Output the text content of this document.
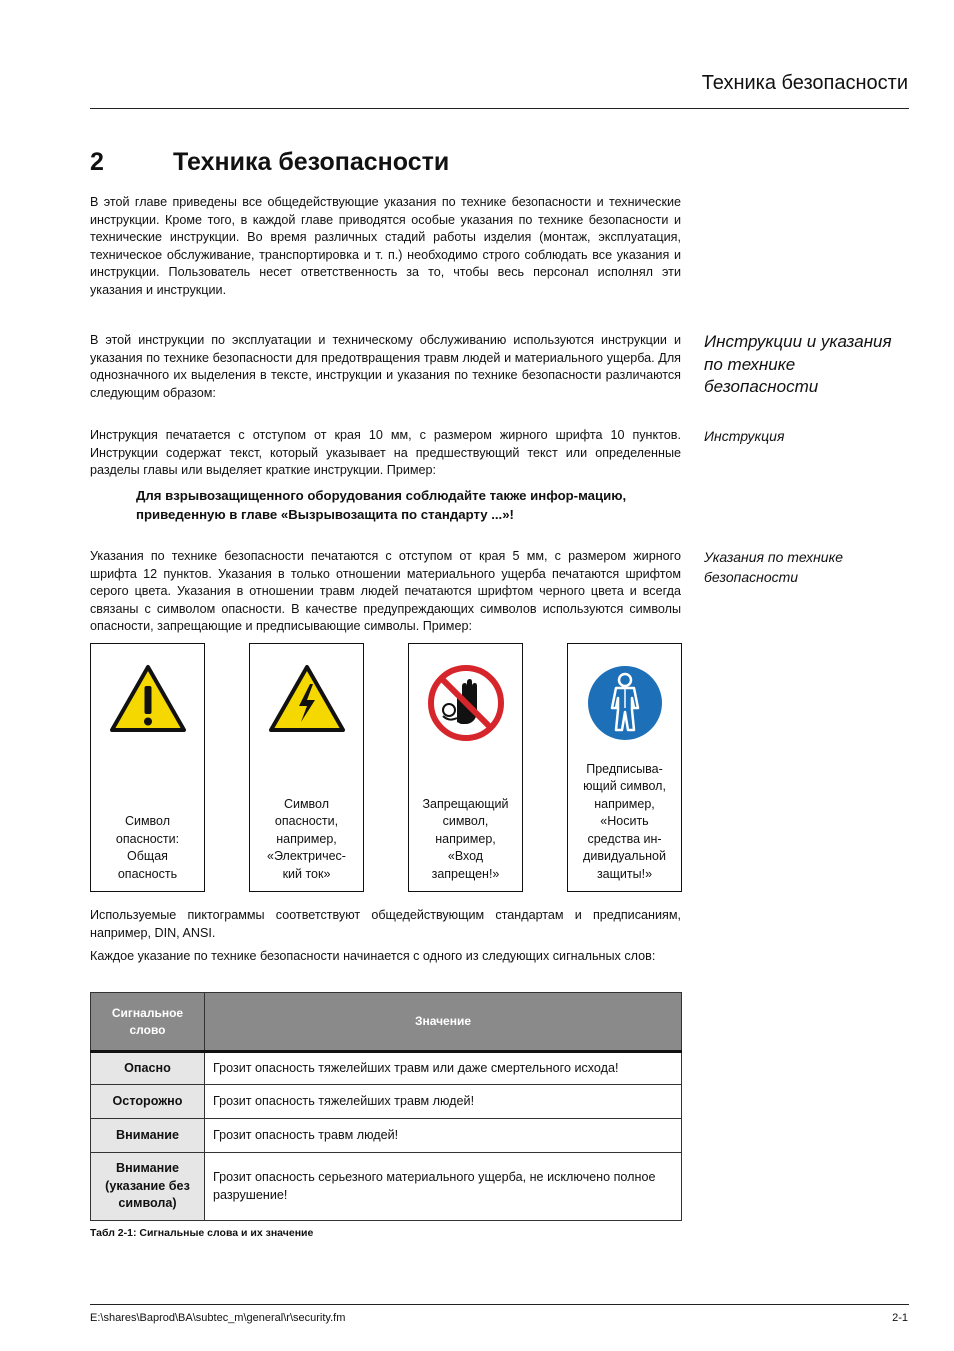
Техника безопасности
2	Техника безопасности
В этой главе приведены все общедействующие указания по технике безопасности и технические инструкции. Кроме того, в каждой главе приводятся особые указания по технике безопасности и технические инструкции. Во время различных стадий работы изделия (монтаж, эксплуатация, техническое обслуживание, транспортировка и т. п.) необходимо строго соблюдать все указания и инструкции. Пользователь несет ответственность за то, чтобы весь персонал исполнял эти указания и инструкции.
В этой инструкции по эксплуатации и техническому обслуживанию используются инструкции и указания по технике безопасности для предотвращения травм людей и материального ущерба. Для однозначного их выделения в тексте, инструкции и указания по технике безопасности различаются следующим образом:
Инструкции и указания по технике безопасности
Инструкция печатается с отступом от края 10 мм, с размером жирного шрифта 10 пунктов. Инструкции содержат текст, который указывает на предшествующий текст или определенные разделы главы или выделяет краткие инструкции. Пример:
Инструкция
Для взрывозащищенного оборудования соблюдайте также инфор-мацию, приведенную в главе «Вызрывозащита по стандарту ...»!
Указания по технике безопасности печатаются с отступом от края 5 мм, с размером жирного шрифта 12 пунктов. Указания в только отношении материального ущерба печатаются шрифтом серого цвета. Указания в отношении травм людей печатаются шрифтом черного цвета и всегда связаны с символом опасности. В качестве предупреждающих символов используются символы опасности, запрещающие и предписывающие символы. Пример:
Указания по технике безопасности
Символ
опасности:
Общая
опасность
Символ
опасности,
например,
«Электричес-
кий ток»
Запрещающий
символ,
например,
«Вход
запрещен!»
Предписыва-
ющий символ,
например,
«Носить
средства ин-
дивидуальной
защиты!»
Используемые пиктограммы соответствуют общедействующим стандартам и предписаниям, например, DIN, ANSI.
Каждое указание по технике безопасности начинается с одного из следующих сигнальных слов:
Сигнальное слово	Значение
Опасно	Грозит опасность тяжелейших травм или даже смертельного исхода!
Осторожно	Грозит опасность тяжелейших травм людей!
Внимание	Грозит опасность травм людей!
Внимание (указание без символа)	Грозит опасность серьезного материального ущерба, не исключено полное разрушение!
Табл 2-1: Сигнальные слова и их значение
E:\shares\Baprod\BA\subtec_m\general\r\security.fm	2-1
